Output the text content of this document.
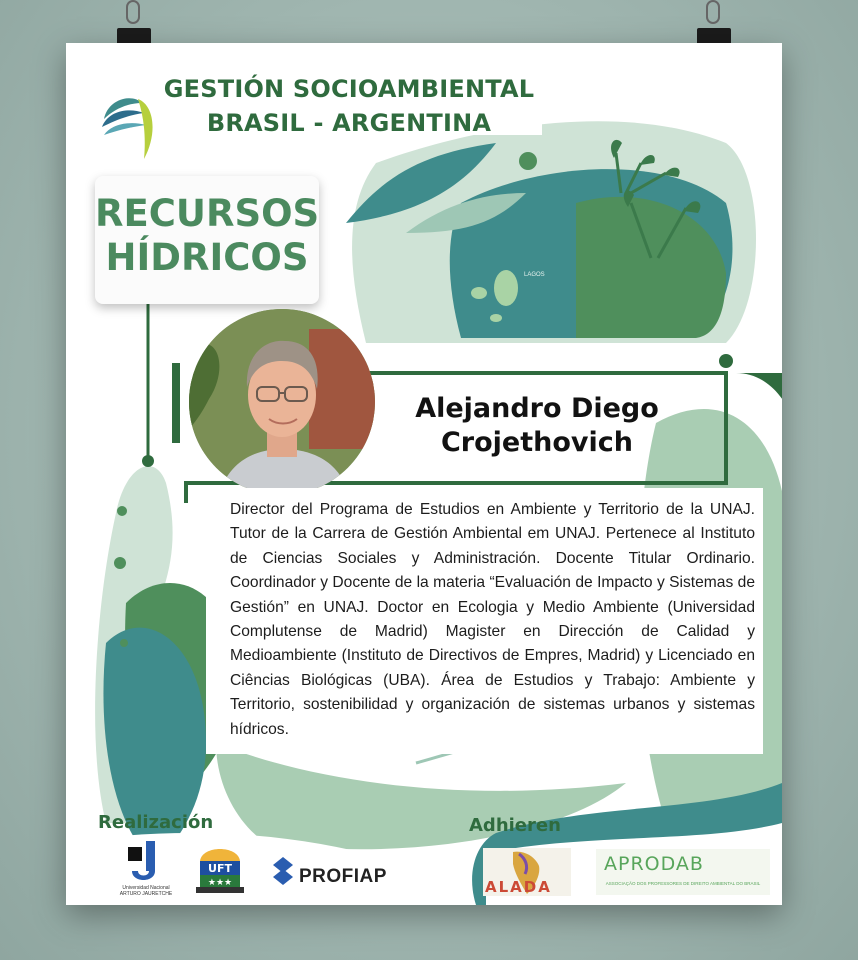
GESTIÓN SOCIOAMBIENTAL
BRASIL - ARGENTINA
LAGOS
RECURSOS
HÍDRICOS
Alejandro Diego
Crojethovich
Director del Programa de Estudios en Ambiente y Territorio de la UNAJ. Tutor de la Carrera de Gestión Ambiental em UNAJ. Pertenece al Instituto de Ciencias Sociales y Administración. Docente Titular Ordinario. Coordinador y Docente de la materia “Evaluación de Impacto y Sistemas de Gestión” en UNAJ. Doctor en Ecologia y Medio Ambiente (Universidad Complutense de Madrid) Magister en Dirección de Calidad y Medioambiente (Instituto de Directivos de Empres, Madrid) y Licenciado en Ciências Biológicas (UBA). Área de Estudios y Trabajo: Ambiente y Territorio, sostenibilidad y organización de sistemas urbanos y sistemas hídricos.
Realización	Adhieren
Universidad Nacional ARTURO JAURETCHE
UFT
★★★	PROFIAP	ALADA
APRODAB
ASSOCIAÇÃO DOS PROFESSORES DE DIREITO AMBIENTAL DO BRASIL
